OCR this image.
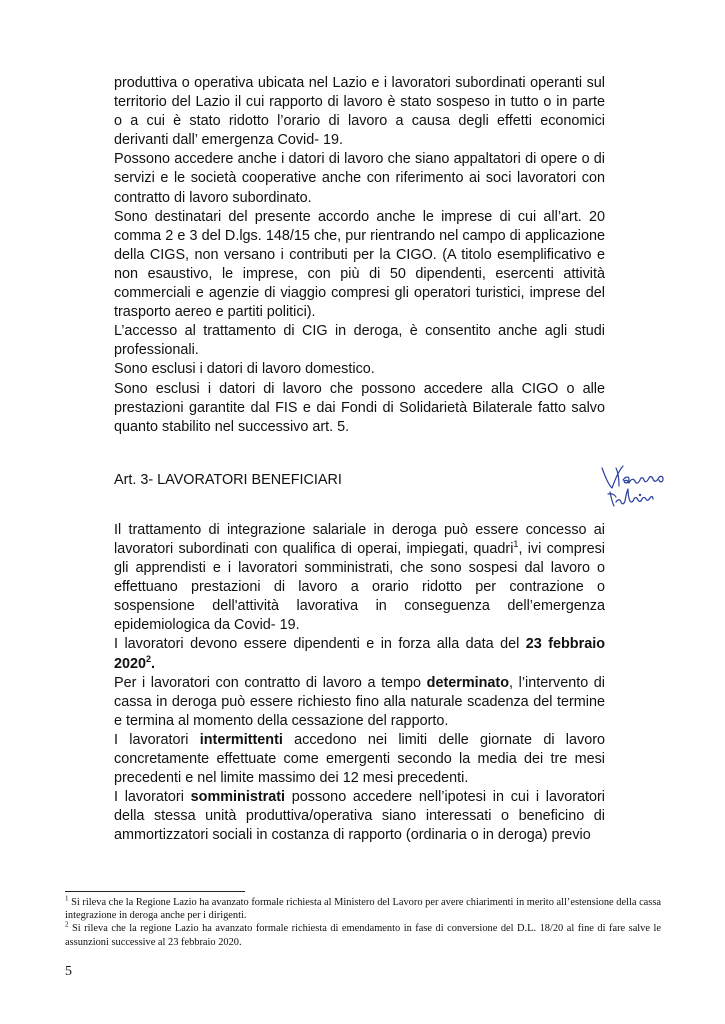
produttiva o operativa ubicata nel Lazio e i lavoratori subordinati operanti sul territorio del Lazio il cui rapporto di lavoro è stato sospeso in tutto o in parte o a cui è stato ridotto l’orario di lavoro a causa degli effetti economici derivanti dall’ emergenza Covid- 19.

Possono accedere anche i datori di lavoro che siano appaltatori di opere o di servizi e le società cooperative anche con riferimento ai soci lavoratori con contratto di lavoro subordinato.

Sono destinatari del presente accordo anche le imprese di cui all’art. 20 comma 2 e 3 del D.lgs. 148/15 che, pur rientrando nel campo di applicazione della CIGS, non versano i contributi per la CIGO. (A titolo esemplificativo e non esaustivo, le imprese, con più di 50 dipendenti, esercenti attività commerciali e agenzie di viaggio compresi gli operatori turistici, imprese del trasporto aereo e partiti politici).

L’accesso al trattamento di CIG in deroga, è consentito anche agli studi professionali.

Sono esclusi i datori di lavoro domestico.

Sono esclusi i datori di lavoro che possono accedere alla CIGO o alle prestazioni garantite dal FIS e dai Fondi di Solidarietà Bilaterale fatto salvo quanto stabilito nel successivo art. 5.

Art. 3- LAVORATORI BENEFICIARI

Il trattamento di integrazione salariale in deroga può essere concesso ai lavoratori subordinati con qualifica di operai, impiegati, quadri$^1$, ivi compresi gli apprendisti e i lavoratori somministrati, che sono sospesi dal lavoro o effettuano prestazioni di lavoro a orario ridotto per contrazione o sospensione dell'attività lavorativa in conseguenza dell’emergenza epidemiologica da Covid- 19.

I lavoratori devono essere dipendenti e in forza alla data del 23 febbraio 2020$^2$.

Per i lavoratori con contratto di lavoro a tempo determinato, l’intervento di cassa in deroga può essere richiesto fino alla naturale scadenza del termine e termina al momento della cessazione del rapporto.

I lavoratori intermittenti accedono nei limiti delle giornate di lavoro concretamente effettuate come emergenti secondo la media dei tre mesi precedenti e nel limite massimo dei 12 mesi precedenti.

I lavoratori somministrati possono accedere nell’ipotesi in cui i lavoratori della stessa unità produttiva/operativa siano interessati o beneficino di ammortizzatori sociali in costanza di rapporto (ordinaria o in deroga) previo

$^1$ Si rileva che la Regione Lazio ha avanzato formale richiesta al Ministero del Lavoro per avere chiarimenti in merito all’estensione della cassa integrazione in deroga anche per i dirigenti.

$^2$ Si rileva che la regione Lazio ha avanzato formale richiesta di emendamento in fase di conversione del D.L. 18/20 al fine di fare salve le assunzioni successive al 23 febbraio 2020.

5
